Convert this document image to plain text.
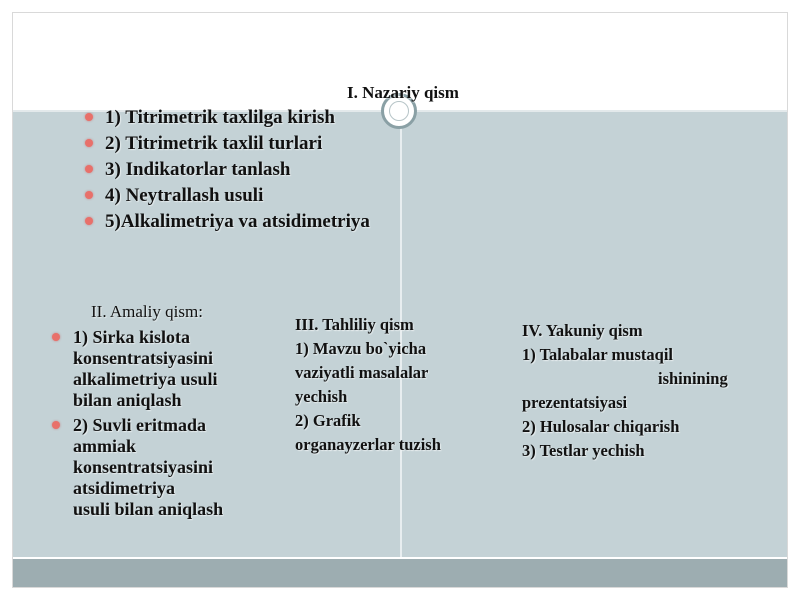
I. Nazariy qism
1) Titrimetrik taxlilga kirish
2) Titrimetrik taxlil turlari
3) Indikatorlar tanlash
4) Neytrallash usuli
5)Alkalimetriya va atsidimetriya
II. Amaliy qism:
1) Sirka kislota
konsentratsiyasini
alkalimetriya usuli
bilan aniqlash
2) Suvli eritmada
ammiak
konsentratsiyasini
atsidimetriya
usuli bilan aniqlash
III. Tahliliy qism
1) Mavzu bo`yicha
vaziyatli masalalar
yechish
2) Grafik
organayzerlar tuzish
IV. Yakuniy qism
1) Talabalar mustaqil
ishinining
prezentatsiyasi
2) Hulosalar chiqarish
3) Testlar yechish
